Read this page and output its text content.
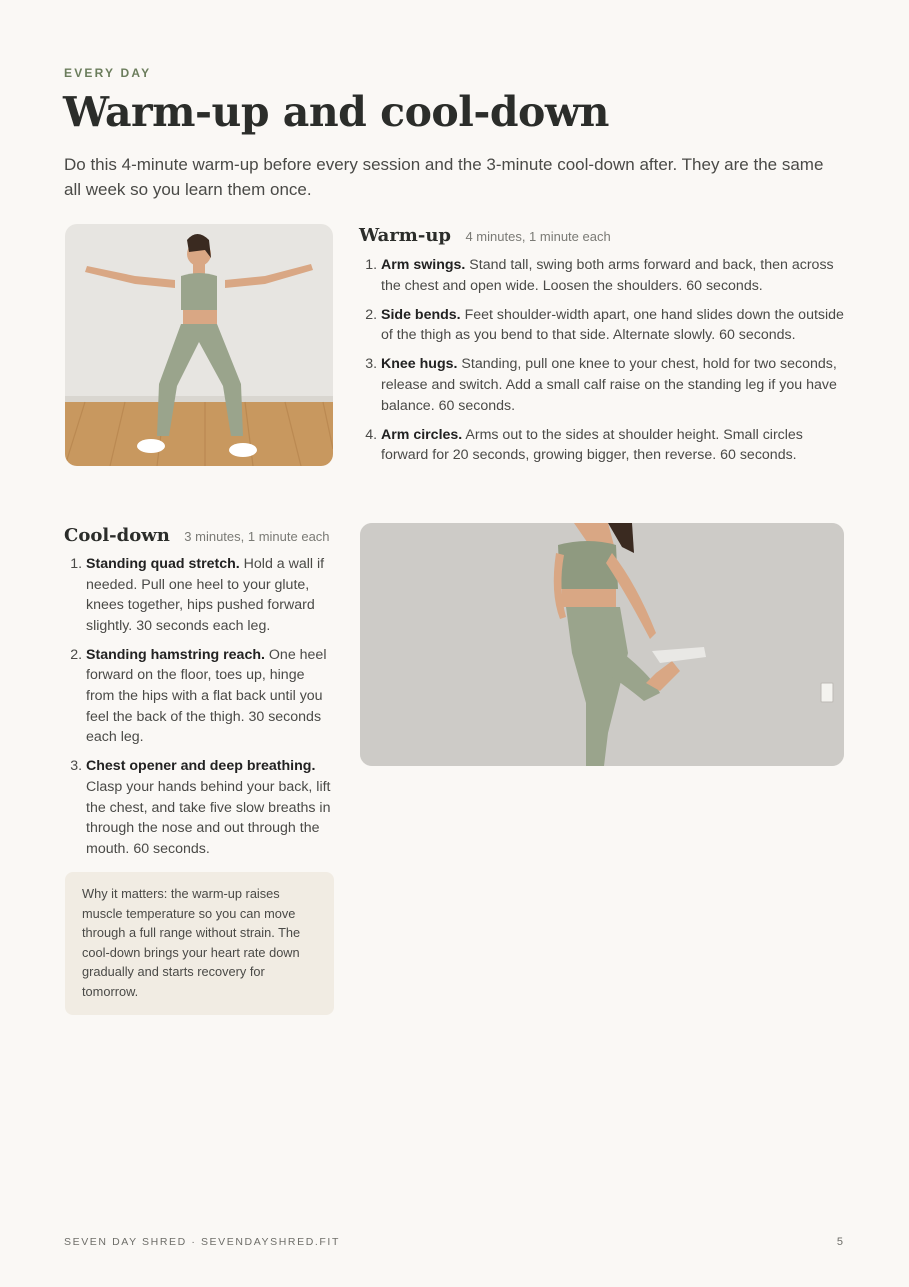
EVERY DAY
Warm-up and cool-down

Do this 4-minute warm-up before every session and the 3-minute cool-down after. They are the same all week so you learn them once.

Warm-up 4 minutes, 1 minute each
1. Arm swings. Stand tall, swing both arms forward and back, then across the chest and open wide. Loosen the shoulders. 60 seconds.
2. Side bends. Feet shoulder-width apart, one hand slides down the outside of the thigh as you bend to that side. Alternate slowly. 60 seconds.
3. Knee hugs. Standing, pull one knee to your chest, hold for two seconds, release and switch. Add a small calf raise on the standing leg if you have balance. 60 seconds.
4. Arm circles. Arms out to the sides at shoulder height. Small circles forward for 20 seconds, growing bigger, then reverse. 60 seconds.
Cool-down 3 minutes, 1 minute each
1. Standing quad stretch. Hold a wall if needed. Pull one heel to your glute, knees together, hips pushed forward slightly. 30 seconds each leg.
2. Standing hamstring reach. One heel forward on the floor, toes up, hinge from the hips with a flat back until you feel the back of the thigh. 30 seconds each leg.
3. Chest opener and deep breathing. Clasp your hands behind your back, lift the chest, and take five slow breaths in through the nose and out through the mouth. 60 seconds.
Why it matters: the warm-up raises muscle temperature so you can move through a full range without strain. The cool-down brings your heart rate down gradually and starts recovery for tomorrow.
SEVEN DAY SHRED · SEVENDAYSHRED.FIT	5
